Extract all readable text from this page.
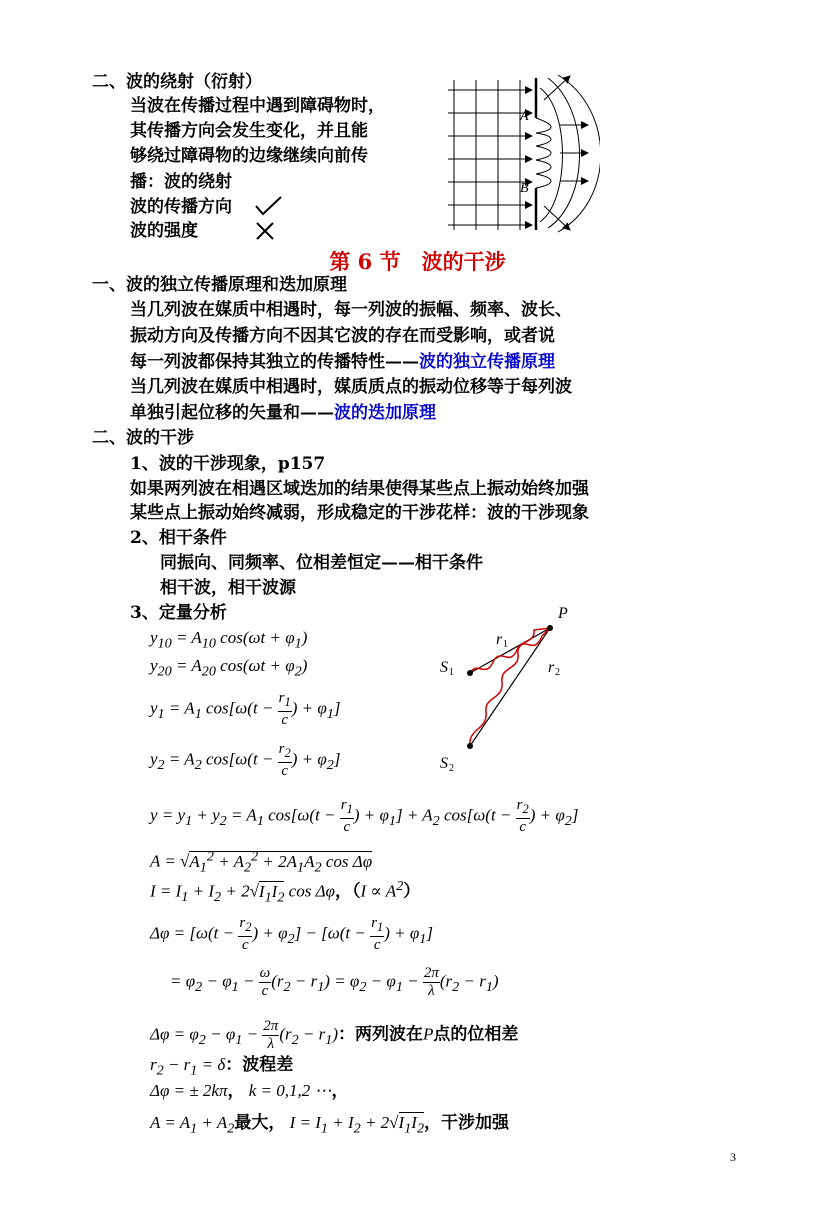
二、波的绕射（衍射）
当波在传播过程中遇到障碍物时，
其传播方向会发生变化，并且能
够绕过障碍物的边缘继续向前传
播：波的绕射
波的传播方向
波的强度
A
B
第 6 节　波的干涉
一、波的独立传播原理和迭加原理
当几列波在媒质中相遇时，每一列波的振幅、频率、波长、
振动方向及传播方向不因其它波的存在而受影响，或者说
每一列波都保持其独立的传播特性——波的独立传播原理
当几列波在媒质中相遇时，媒质质点的振动位移等于每列波
单独引起位移的矢量和——波的迭加原理
二、波的干涉
1、波的干涉现象，p157
如果两列波在相遇区域迭加的结果使得某些点上振动始终加强
某些点上振动始终减弱，形成稳定的干涉花样：波的干涉现象
2、相干条件
同振向、同频率、位相差恒定——相干条件
相干波，相干波源
3、定量分析	P
r 1
r 2
S 1
S 2
$y_{10} = A_{10}$ $\cos(\omega t + \varphi_1)$
$y_{20} = A_{20}$ $\cos(\omega t + \varphi_2)$
$y_1 = A_1$ $\cos[\omega(t - \frac{r_1}{c}$ ) + $\varphi_1$]
$y_2 = A_2$ $\cos[\omega(t - \frac{r_2}{c}$ ) + $\varphi_2$]
$y = y_1 + y_2 = A_1$ $\cos[\omega(t - \frac{r_1}{c}$ ) + $\varphi_1] + A_2$ $\cos[\omega(t - \frac{r_2}{c}$ ) + $\varphi_2$]
$A = √A_1^2 + A_2^2 + 2A_1A_2$ cos Δφ
$I = I_1 + I_2 + 2√I_1I_2$ cos Δφ，$(I \propto A^2)$
$\Delta\varphi = [\omega(t - \frac{r_2}{c}$ ) + $\varphi_2] - [\omega(t - \frac{r_1}{c}$ ) + $\varphi_1$]
= $\varphi_2 - \varphi_1 - \frac{\omega}{c} (r_2 - r_1) = \varphi_2 - \varphi_1 - \frac{2\pi}{\lambda} (r_2 - r_1)$
$\Delta\varphi = \varphi_2 - \varphi_1 - \frac{2\pi}{\lambda} (r_2 - r_1)$：两列波在P点的位相差
$r_2 - r_1 = \delta$：波程差
Δφ = ± 2kπ， k = 0,1,2 ⋯，
$A = A_1 + A_2$最大， $I = I_1 + I_2 + 2√I_1I_2$，干涉加强
3
